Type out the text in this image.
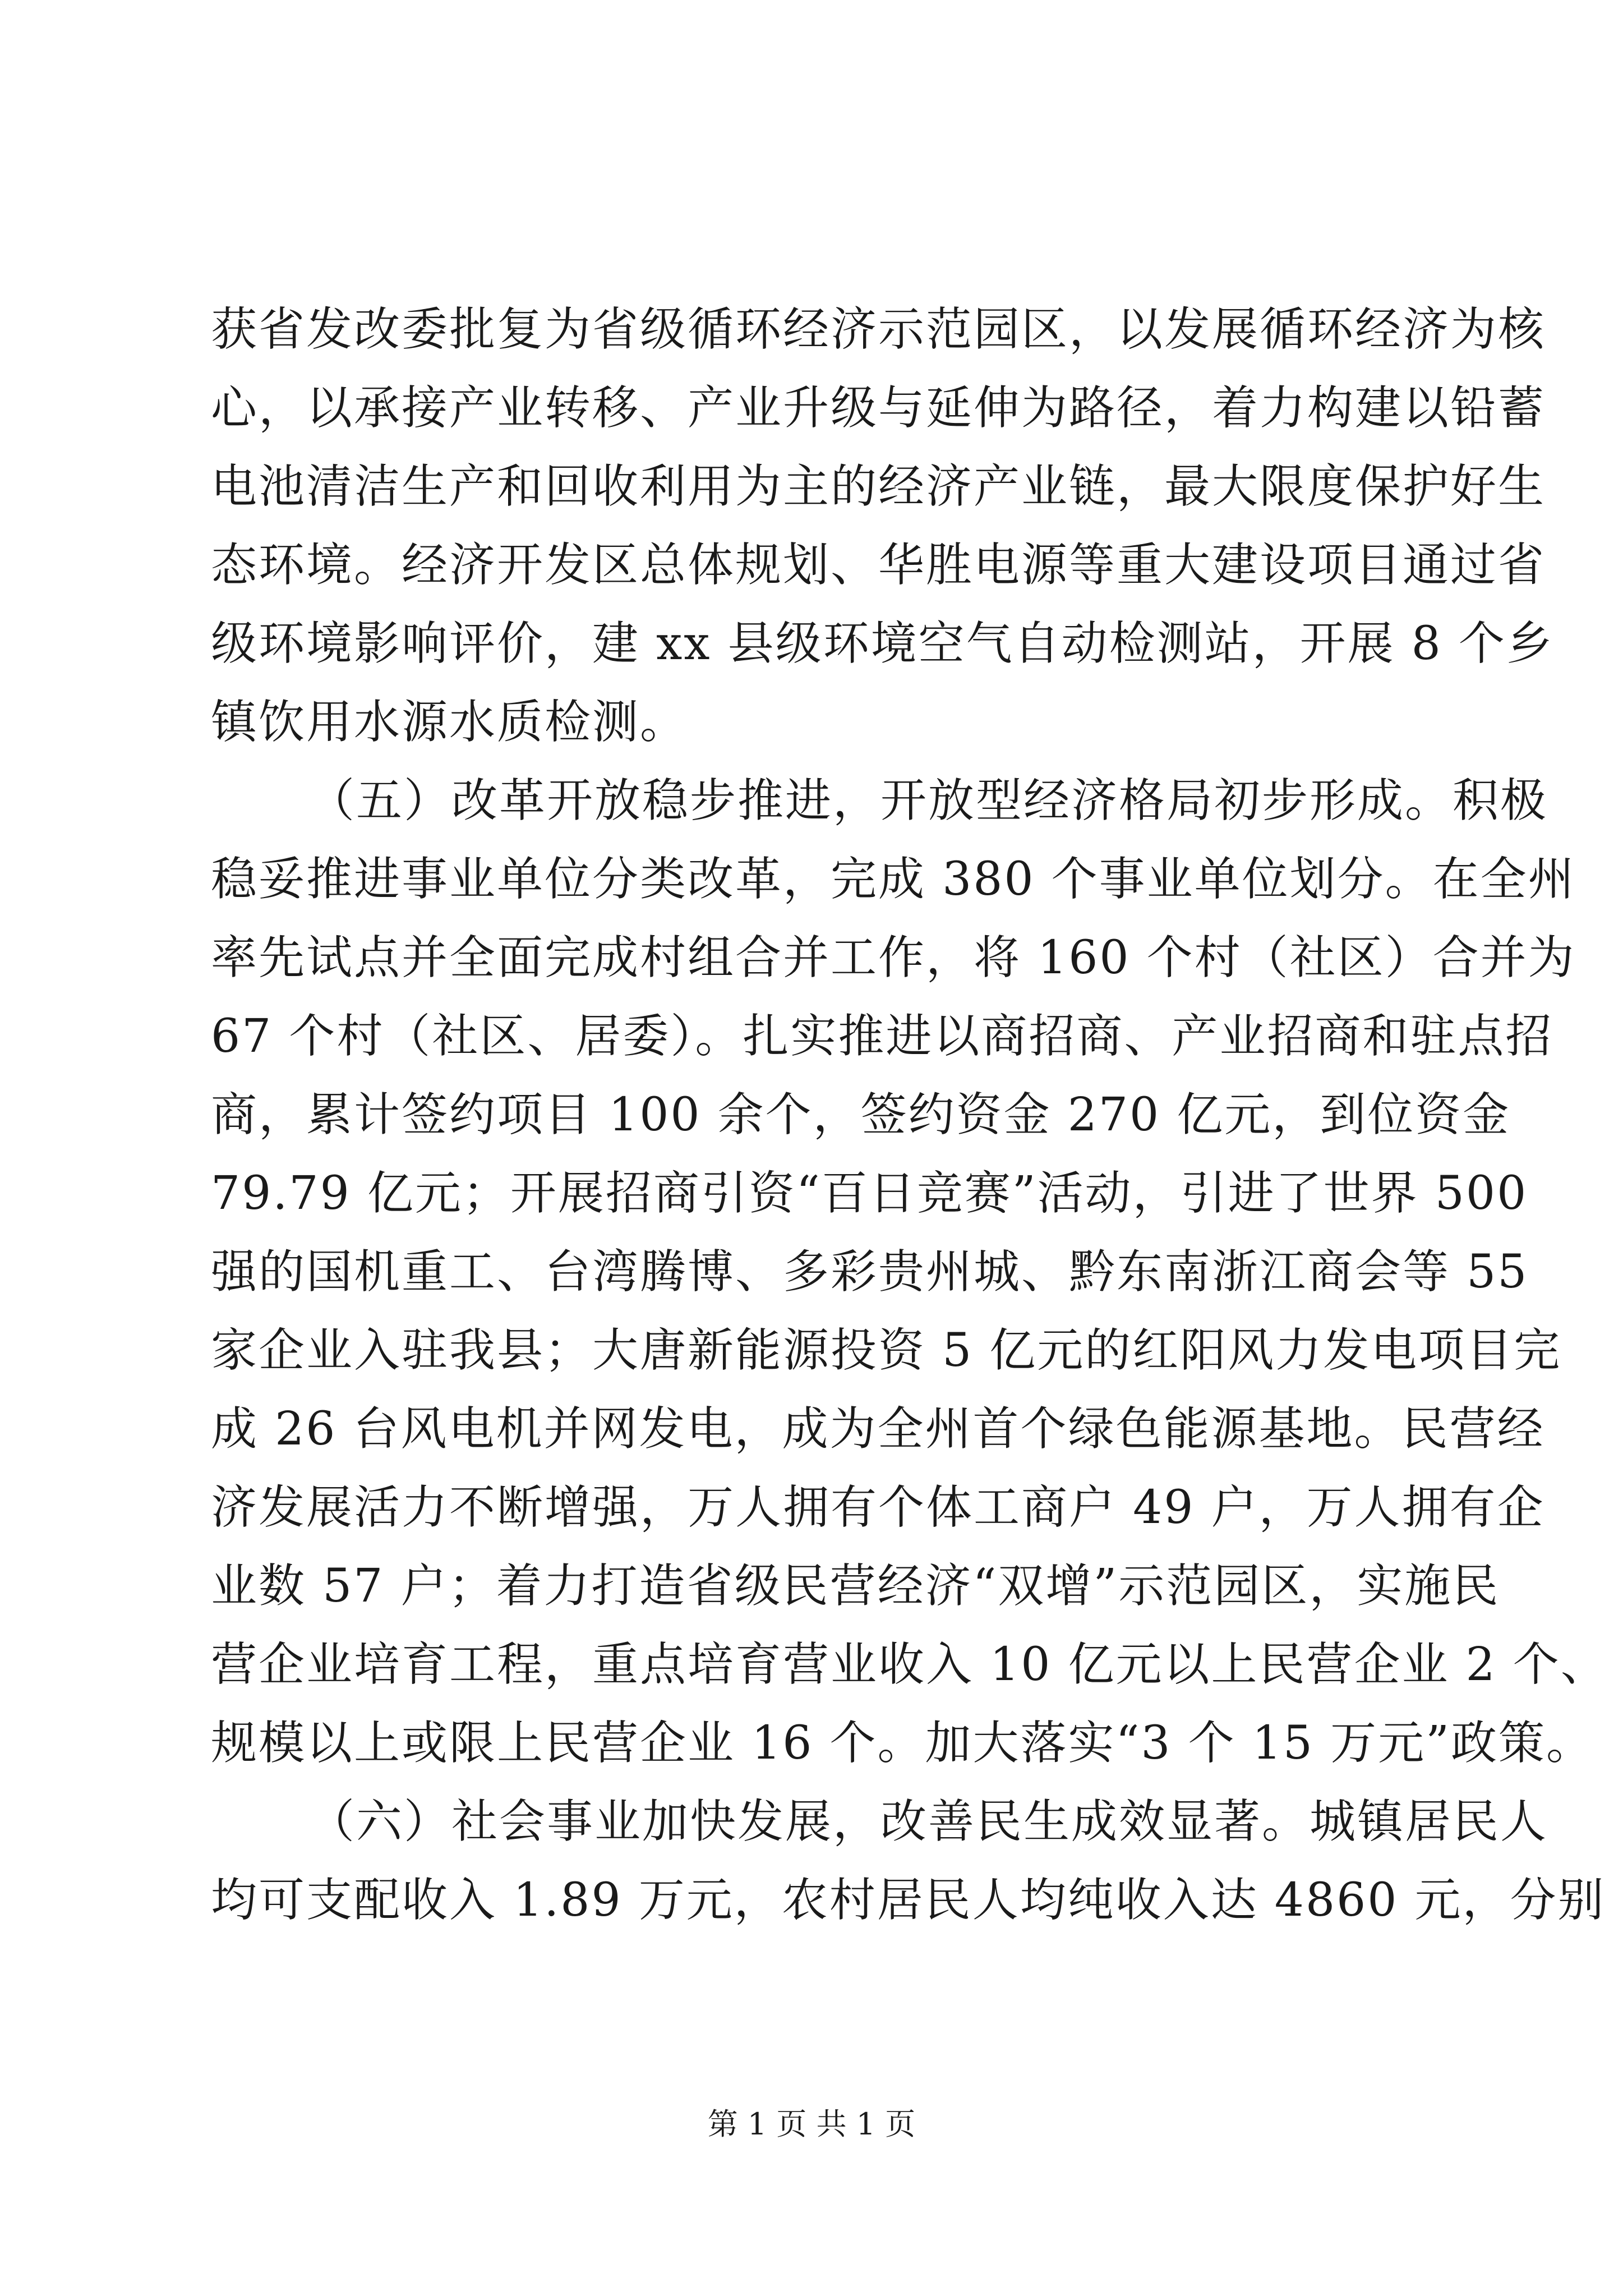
获省发改委批复为省级循环经济示范园区，以发展循环经济为核
心，以承接产业转移、产业升级与延伸为路径，着力构建以铅蓄
电池清洁生产和回收利用为主的经济产业链，最大限度保护好生
态环境。经济开发区总体规划、华胜电源等重大建设项目通过省
级环境影响评价，建 xx 县级环境空气自动检测站，开展 8 个乡
镇饮用水源水质检测。
（五）改革开放稳步推进，开放型经济格局初步形成。积极
稳妥推进事业单位分类改革，完成 380 个事业单位划分。在全州
率先试点并全面完成村组合并工作，将 160 个村（社区）合并为
67 个村（社区、居委）。扎实推进以商招商、产业招商和驻点招
商，累计签约项目 100 余个，签约资金 270 亿元，到位资金
79.79 亿元；开展招商引资“百日竞赛”活动，引进了世界 500
强的国机重工、台湾腾博、多彩贵州城、黔东南浙江商会等 55
家企业入驻我县；大唐新能源投资 5 亿元的红阳风力发电项目完
成 26 台风电机并网发电，成为全州首个绿色能源基地。民营经
济发展活力不断增强，万人拥有个体工商户 49 户，万人拥有企
业数 57 户；着力打造省级民营经济“双增”示范园区，实施民
营企业培育工程，重点培育营业收入 10 亿元以上民营企业 2 个、
规模以上或限上民营企业 16 个。加大落实“3 个 15 万元”政策。
（六）社会事业加快发展，改善民生成效显著。城镇居民人
均可支配收入 1.89 万元，农村居民人均纯收入达 4860 元，分别
第 1 页 共 1 页
